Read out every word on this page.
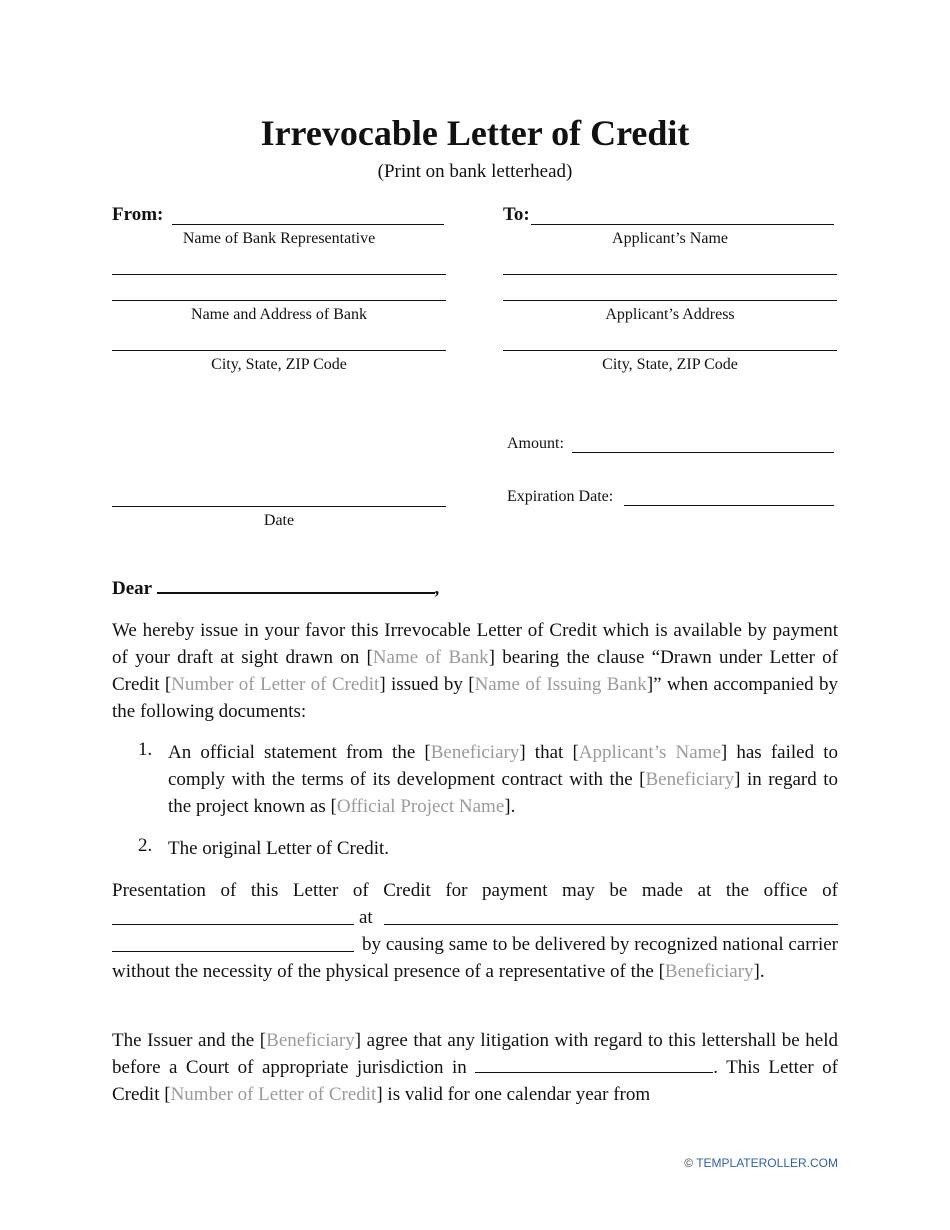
Irrevocable Letter of Credit
(Print on bank letterhead)
From:
Name of Bank Representative
Name and Address of Bank
City, State, ZIP Code
Date
To:
Applicant’s Name
Applicant’s Address
City, State, ZIP Code
Amount:
Expiration Date:
Dear	,
We hereby issue in your favor this Irrevocable Letter of Credit which is available by payment of your draft at sight drawn on [Name of Bank] bearing the clause “Drawn under Letter of Credit [Number of Letter of Credit] issued by [Name of Issuing Bank]” when accompanied by the following documents:
1. An official statement from the [Beneficiary] that [Applicant’s Name] has failed to comply with the terms of its development contract with the [Beneficiary] in regard to the project known as [Official Project Name].
2. The original Letter of Credit.
Presentation of this Letter of Credit for payment may be made at the office of
at
by causing same to be delivered by recognized national carrier without the necessity of the physical presence of a representative of the [Beneficiary].
The Issuer and the [Beneficiary] agree that any litigation with regard to this lettershall be held before a Court of appropriate jurisdiction in	. This Letter of Credit [Number of Letter of Credit] is valid for one calendar year from
© TEMPLATEROLLER.COM
